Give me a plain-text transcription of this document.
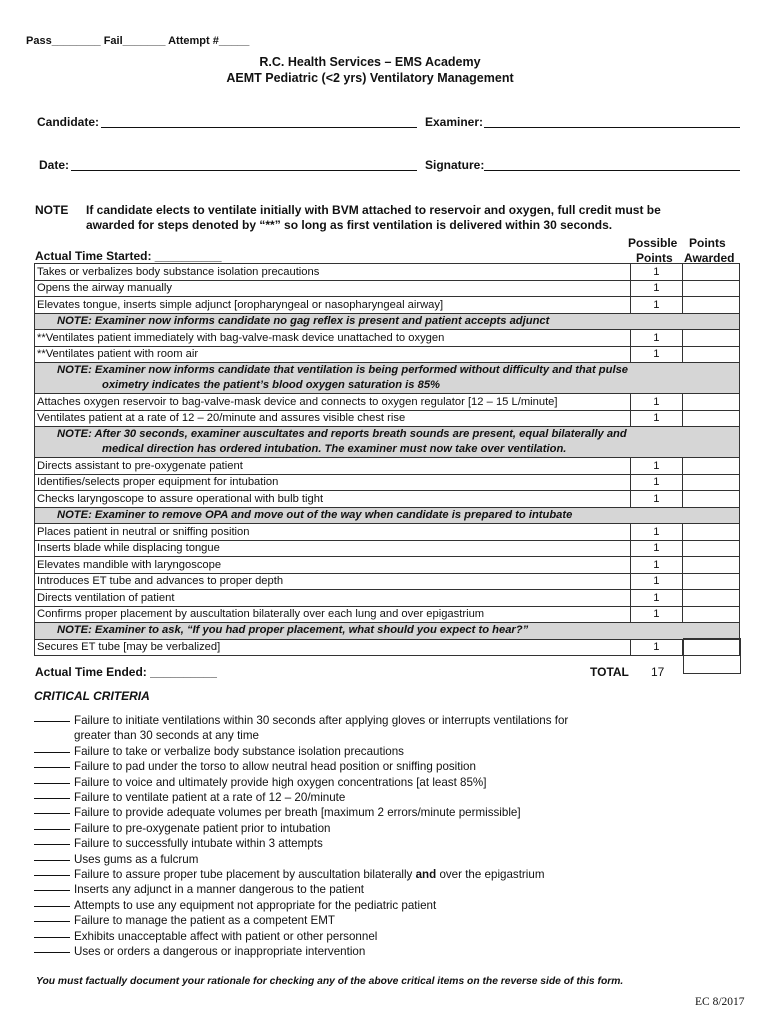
Pass________ Fail_______ Attempt #_____
R.C. Health Services – EMS Academy
AEMT Pediatric (<2 yrs) Ventilatory Management
Candidate:	Examiner:
Date:	Signature:
NOTE If candidate elects to ventilate initially with BVM attached to reservoir and oxygen, full credit must be
awarded for steps denoted by “**” so long as first ventilation is delivered within 30 seconds.
Actual Time Started: __________
Possible Points
Points Awarded
Takes or verbalizes body substance isolation precautions	1	
Opens the airway manually	1	
Elevates tongue, inserts simple adjunct [oropharyngeal or nasopharyngeal airway]	1	
NOTE: Examiner now informs candidate no gag reflex is present and patient accepts adjunct		
**Ventilates patient immediately with bag-valve-mask device unattached to oxygen	1	
**Ventilates patient with room air	1	
NOTE: Examiner now informs candidate that ventilation is being performed without difficulty and that pulse
oximetry indicates the patient’s blood oxygen saturation is 85%		

Attaches oxygen reservoir to bag-valve-mask device and connects to oxygen regulator [12 – 15 L/minute]	1	
Ventilates patient at a rate of 12 – 20/minute and assures visible chest rise	1	
NOTE: After 30 seconds, examiner auscultates and reports breath sounds are present, equal bilaterally and
medical direction has ordered intubation. The examiner must now take over ventilation.		

Directs assistant to pre-oxygenate patient	1	
Identifies/selects proper equipment for intubation	1	
Checks laryngoscope to assure operational with bulb tight	1	
NOTE: Examiner to remove OPA and move out of the way when candidate is prepared to intubate		
Places patient in neutral or sniffing position	1	
Inserts blade while displacing tongue	1	
Elevates mandible with laryngoscope	1	
Introduces ET tube and advances to proper depth	1	
Directs ventilation of patient	1	
Confirms proper placement by auscultation bilaterally over each lung and over epigastrium	1	
NOTE: Examiner to ask, “If you had proper placement, what should you expect to hear?”		
Secures ET tube [may be verbalized]	1	
Actual Time Ended: __________	TOTAL 17
CRITICAL CRITERIA
Failure to initiate ventilations within 30 seconds after applying gloves or interrupts ventilations for
greater than 30 seconds at any time
Failure to take or verbalize body substance isolation precautions
Failure to pad under the torso to allow neutral head position or sniffing position
Failure to voice and ultimately provide high oxygen concentrations [at least 85%]
Failure to ventilate patient at a rate of 12 – 20/minute
Failure to provide adequate volumes per breath [maximum 2 errors/minute permissible]
Failure to pre-oxygenate patient prior to intubation
Failure to successfully intubate within 3 attempts
Uses gums as a fulcrum
Failure to assure proper tube placement by auscultation bilaterally and over the epigastrium
Inserts any adjunct in a manner dangerous to the patient
Attempts to use any equipment not appropriate for the pediatric patient
Failure to manage the patient as a competent EMT
Exhibits unacceptable affect with patient or other personnel
Uses or orders a dangerous or inappropriate intervention
You must factually document your rationale for checking any of the above critical items on the reverse side of this form.
EC 8/2017
